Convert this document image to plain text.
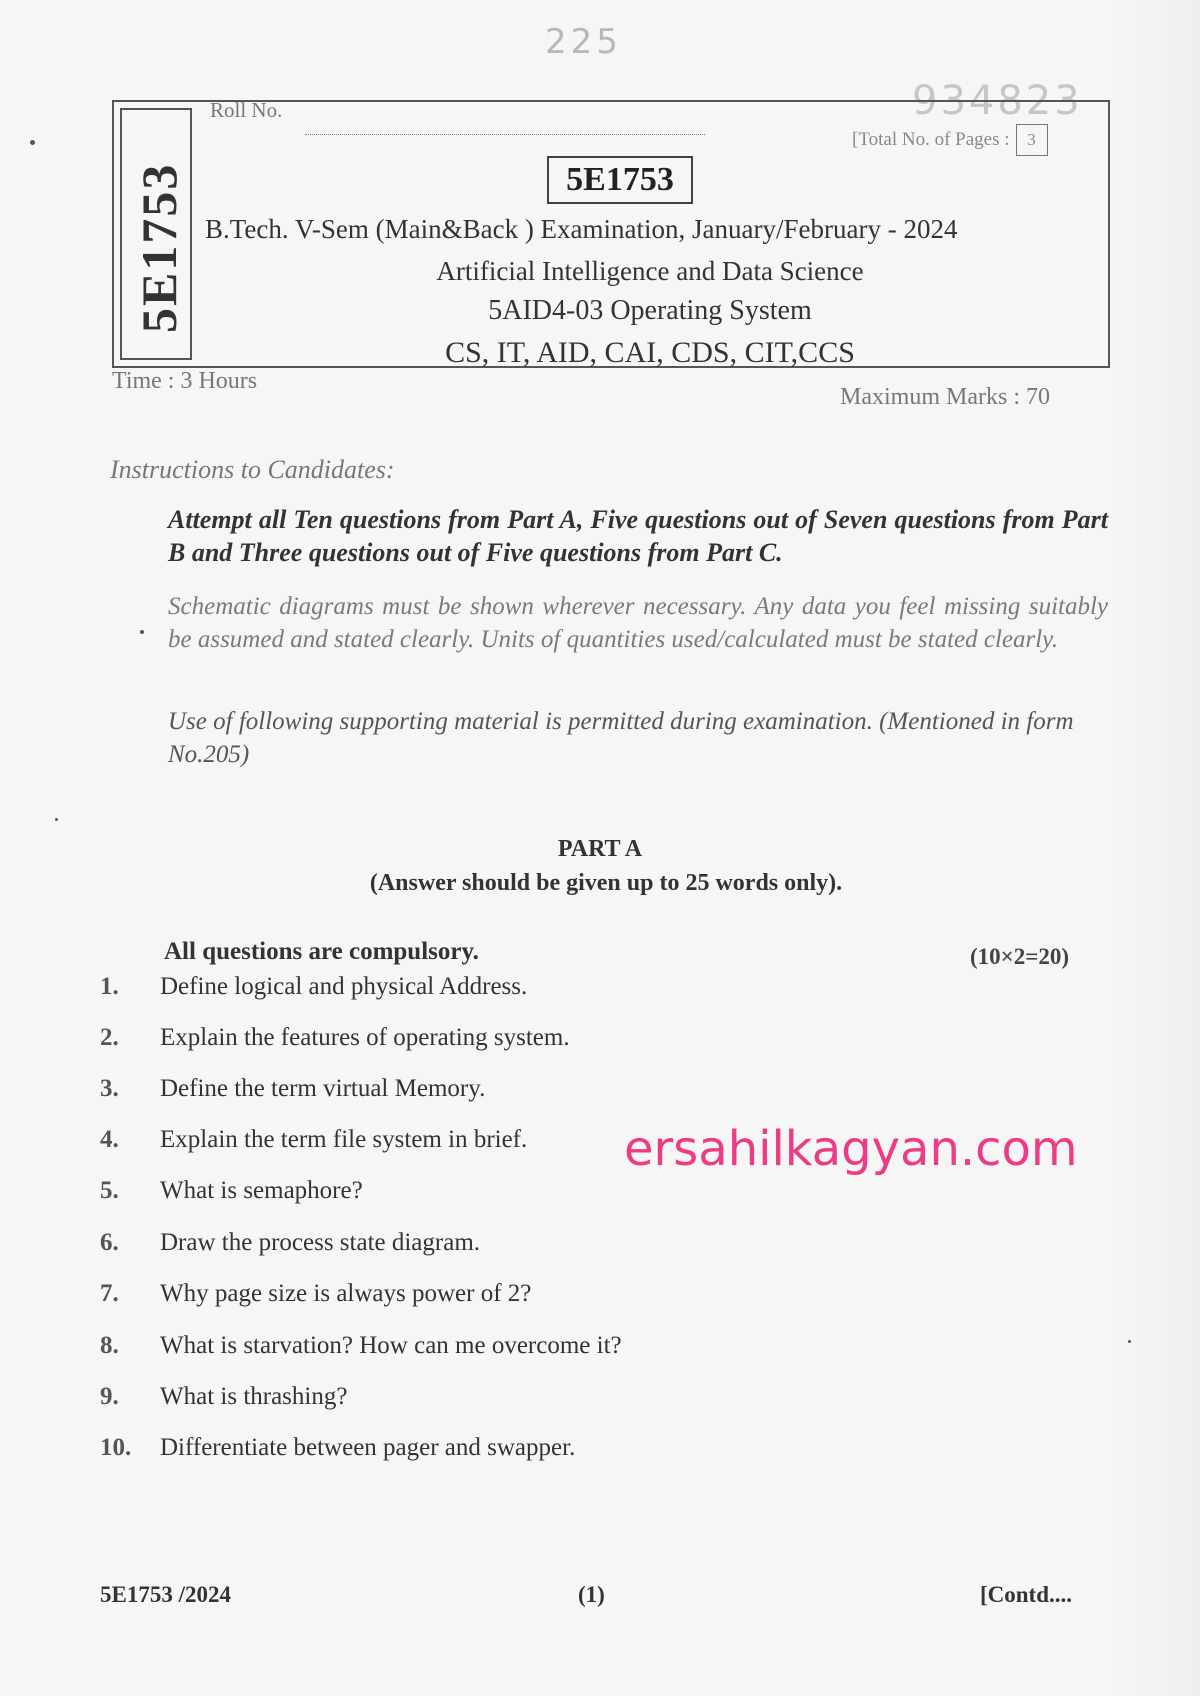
225
934823
5E1753
Roll No.
[Total No. of Pages : 3
5E1753
B.Tech. V-Sem (Main&Back ) Examination, January/February - 2024
Artificial Intelligence and Data Science
5AID4-03 Operating System
CS, IT, AID, CAI, CDS, CIT,CCS
Time : 3 Hours
Maximum Marks : 70
Instructions to Candidates:
Attempt all Ten questions from Part A, Five questions out of Seven questions from Part B and Three questions out of Five questions from Part C.
Schematic diagrams must be shown wherever necessary. Any data you feel missing suitably be assumed and stated clearly. Units of quantities used/calculated must be stated clearly.
Use of following supporting material is permitted during examination. (Mentioned in form No.205)
PART A
(Answer should be given up to 25 words only).
All questions are compulsory.	(10×2=20)
1. Define logical and physical Address.
2. Explain the features of operating system.
3. Define the term virtual Memory.
4. Explain the term file system in brief.
5. What is semaphore?
6. Draw the process state diagram.
7. Why page size is always power of 2?
8. What is starvation? How can me overcome it?
9. What is thrashing?
10. Differentiate between pager and swapper.
ersahilkagyan.com
5E1753 /2024	(1)	[Contd....
